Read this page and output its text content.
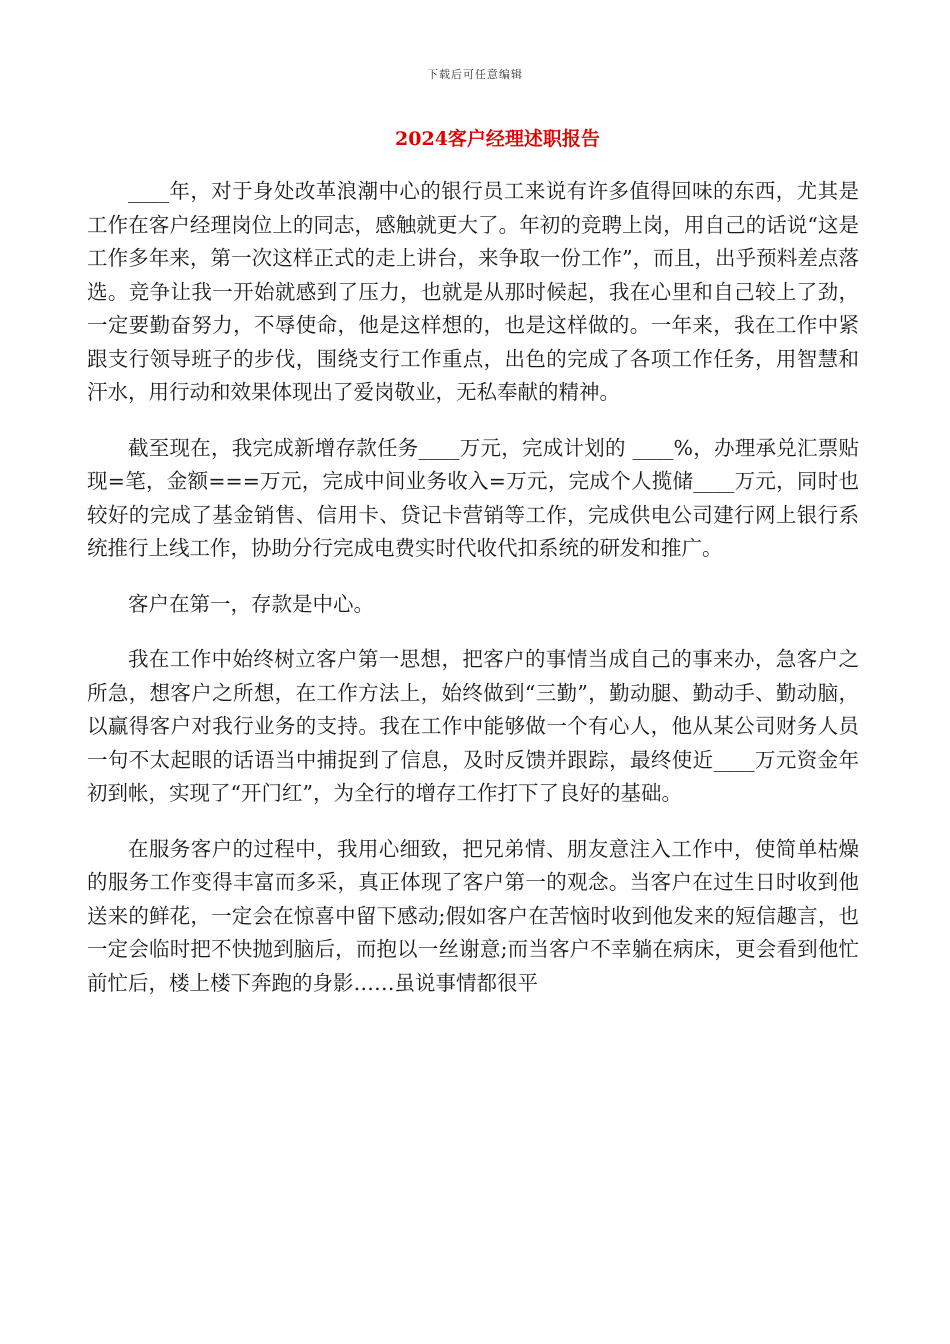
下载后可任意编辑
2024客户经理述职报告

____年，对于身处改革浪潮中心的银行员工来说有许多值得回味的东西，尤其是工作在客户经理岗位上的同志，感触就更大了。年初的竞聘上岗，用自己的话说“这是工作多年来，第一次这样正式的走上讲台，来争取一份工作”，而且，出乎预料差点落选。竞争让我一开始就感到了压力，也就是从那时候起，我在心里和自己较上了劲，一定要勤奋努力，不辱使命，他是这样想的，也是这样做的。一年来，我在工作中紧跟支行领导班子的步伐，围绕支行工作重点，出色的完成了各项工作任务，用智慧和汗水，用行动和效果体现出了爱岗敬业，无私奉献的精神。

截至现在，我完成新增存款任务____万元，完成计划的 ____%，办理承兑汇票贴现=笔，金额===万元，完成中间业务收入=万元，完成个人揽储____万元，同时也较好的完成了基金销售、信用卡、贷记卡营销等工作，完成供电公司建行网上银行系统推行上线工作，协助分行完成电费实时代收代扣系统的研发和推广。

客户在第一，存款是中心。

我在工作中始终树立客户第一思想，把客户的事情当成自己的事来办，急客户之所急，想客户之所想，在工作方法上，始终做到“三勤”，勤动腿、勤动手、勤动脑，以赢得客户对我行业务的支持。我在工作中能够做一个有心人，他从某公司财务人员一句不太起眼的话语当中捕捉到了信息，及时反馈并跟踪，最终使近____万元资金年初到帐，实现了“开门红”，为全行的增存工作打下了良好的基础。

在服务客户的过程中，我用心细致，把兄弟情、朋友意注入工作中，使简单枯燥的服务工作变得丰富而多采，真正体现了客户第一的观念。当客户在过生日时收到他送来的鲜花，一定会在惊喜中留下感动;假如客户在苦恼时收到他发来的短信趣言，也一定会临时把不快抛到脑后，而抱以一丝谢意;而当客户不幸躺在病床，更会看到他忙前忙后，楼上楼下奔跑的身影……虽说事情都很平
